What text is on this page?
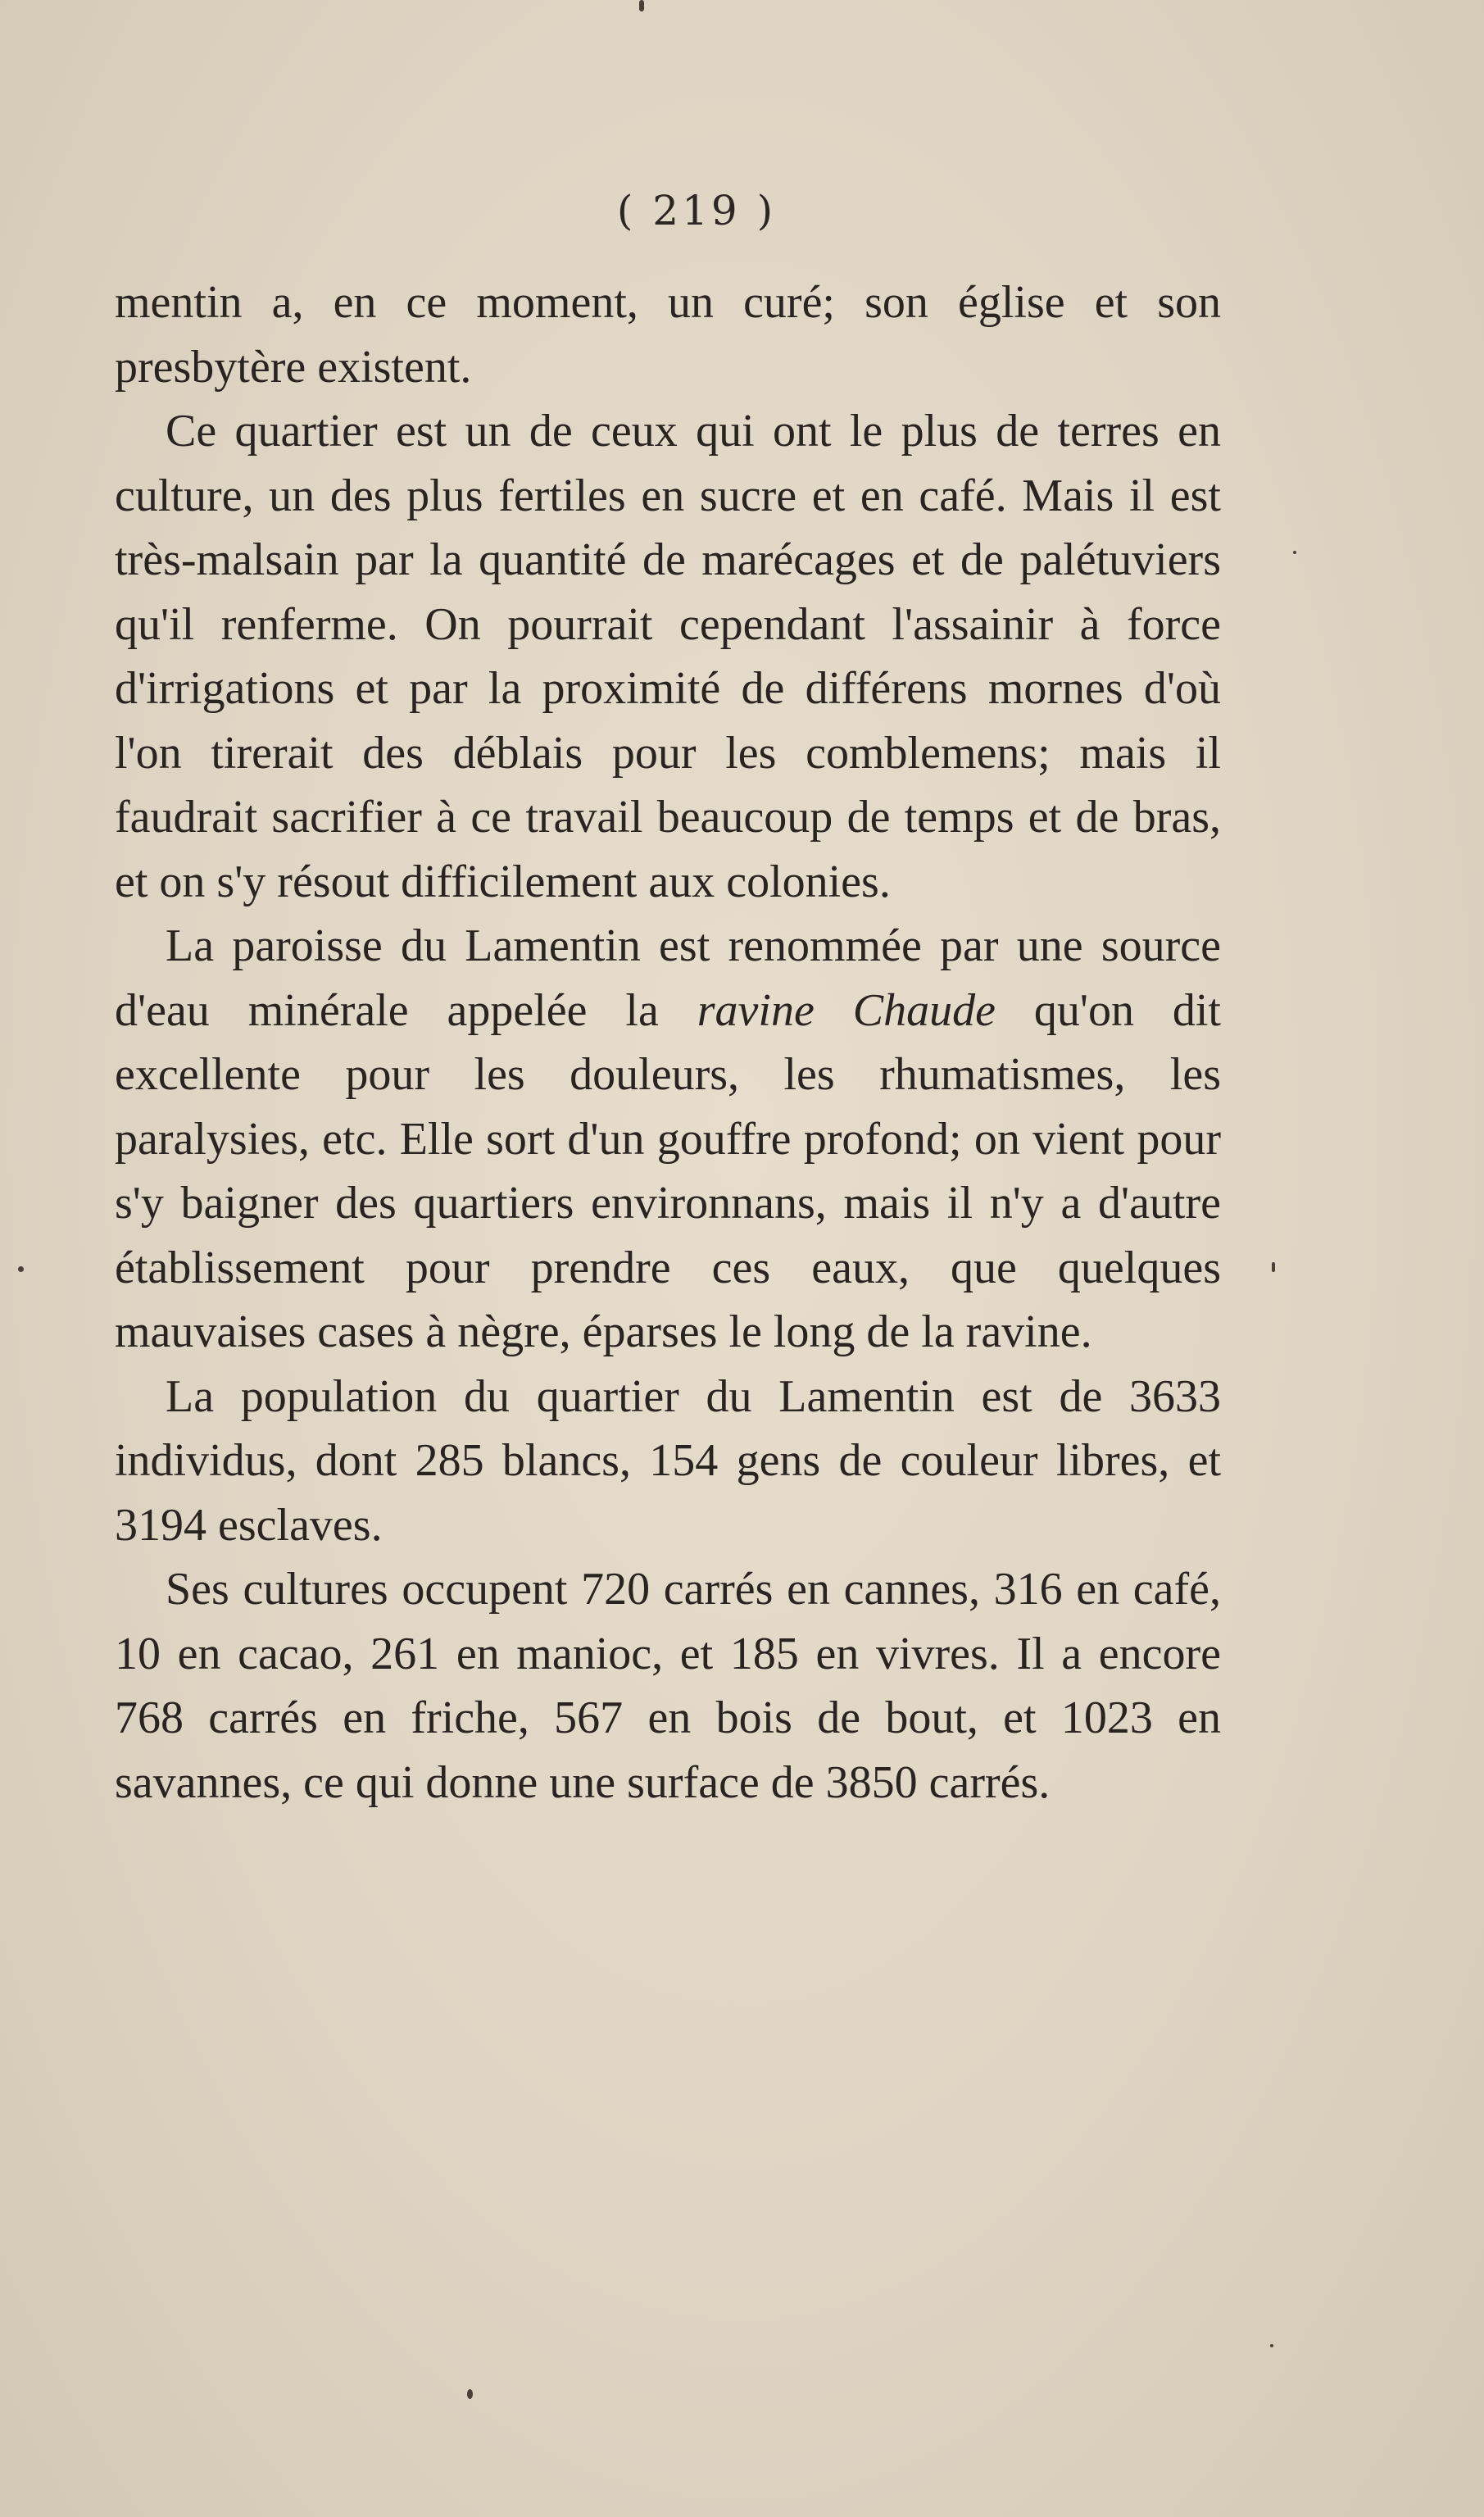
( 219 )

mentin a, en ce moment, un curé; son église et son presbytère existent.

Ce quartier est un de ceux qui ont le plus de terres en culture, un des plus fertiles en sucre et en café. Mais il est très-malsain par la quantité de marécages et de palétuviers qu'il renferme. On pourrait cependant l'assainir à force d'irrigations et par la proximité de différens mornes d'où l'on tirerait des déblais pour les comblemens; mais il faudrait sacrifier à ce travail beaucoup de temps et de bras, et on s'y résout difficilement aux colonies.

La paroisse du Lamentin est renommée par une source d'eau minérale appelée la ravine Chaude qu'on dit excellente pour les douleurs, les rhumatismes, les paralysies, etc. Elle sort d'un gouffre profond; on vient pour s'y baigner des quartiers environnans, mais il n'y a d'autre établissement pour prendre ces eaux, que quelques mauvaises cases à nègre, éparses le long de la ravine.

La population du quartier du Lamentin est de 3633 individus, dont 285 blancs, 154 gens de couleur libres, et 3194 esclaves.

Ses cultures occupent 720 carrés en cannes, 316 en café, 10 en cacao, 261 en manioc, et 185 en vivres. Il a encore 768 carrés en friche, 567 en bois de bout, et 1023 en savannes, ce qui donne une surface de 3850 carrés.
